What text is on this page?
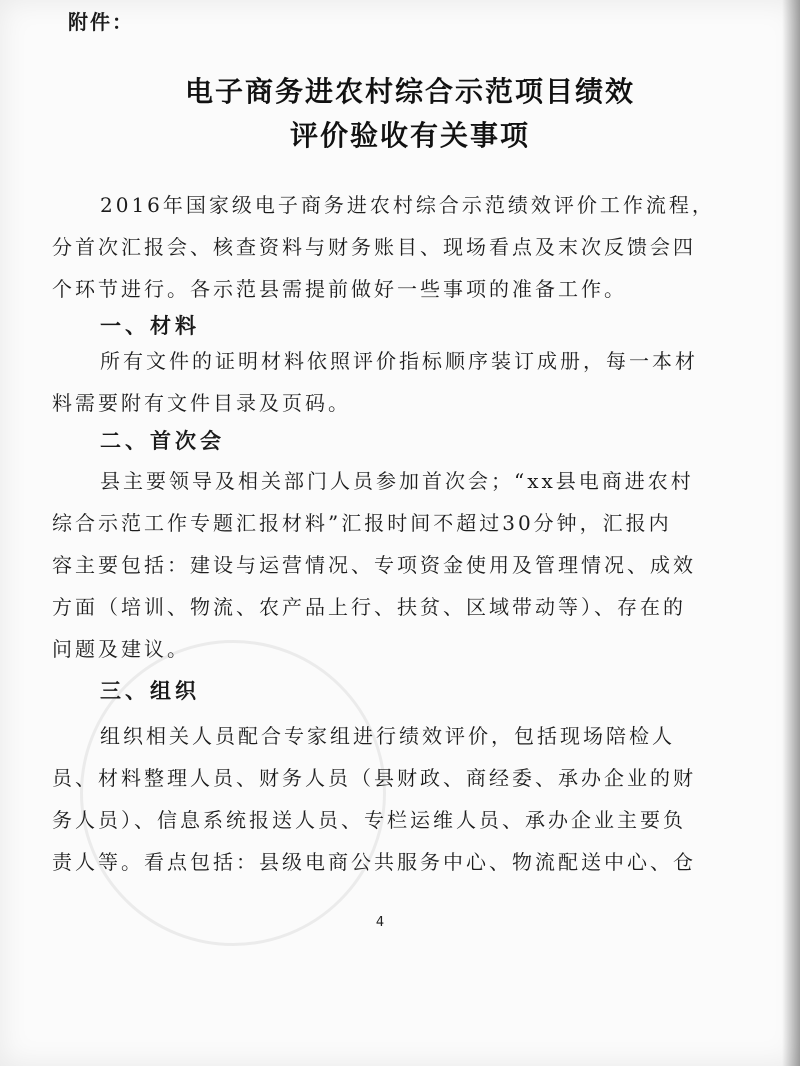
附件：
电子商务进农村综合示范项目绩效
评价验收有关事项
2016年国家级电子商务进农村综合示范绩效评价工作流程，
分首次汇报会、核查资料与财务账目、现场看点及末次反馈会四
个环节进行。各示范县需提前做好一些事项的准备工作。
一、材料
所有文件的证明材料依照评价指标顺序装订成册，每一本材
料需要附有文件目录及页码。
二、首次会
县主要领导及相关部门人员参加首次会；“xx县电商进农村
综合示范工作专题汇报材料”汇报时间不超过30分钟，汇报内
容主要包括：建设与运营情况、专项资金使用及管理情况、成效
方面（培训、物流、农产品上行、扶贫、区域带动等）、存在的
问题及建议。
三、组织
组织相关人员配合专家组进行绩效评价，包括现场陪检人
员、材料整理人员、财务人员（县财政、商经委、承办企业的财
务人员）、信息系统报送人员、专栏运维人员、承办企业主要负
责人等。看点包括：县级电商公共服务中心、物流配送中心、仓
4
